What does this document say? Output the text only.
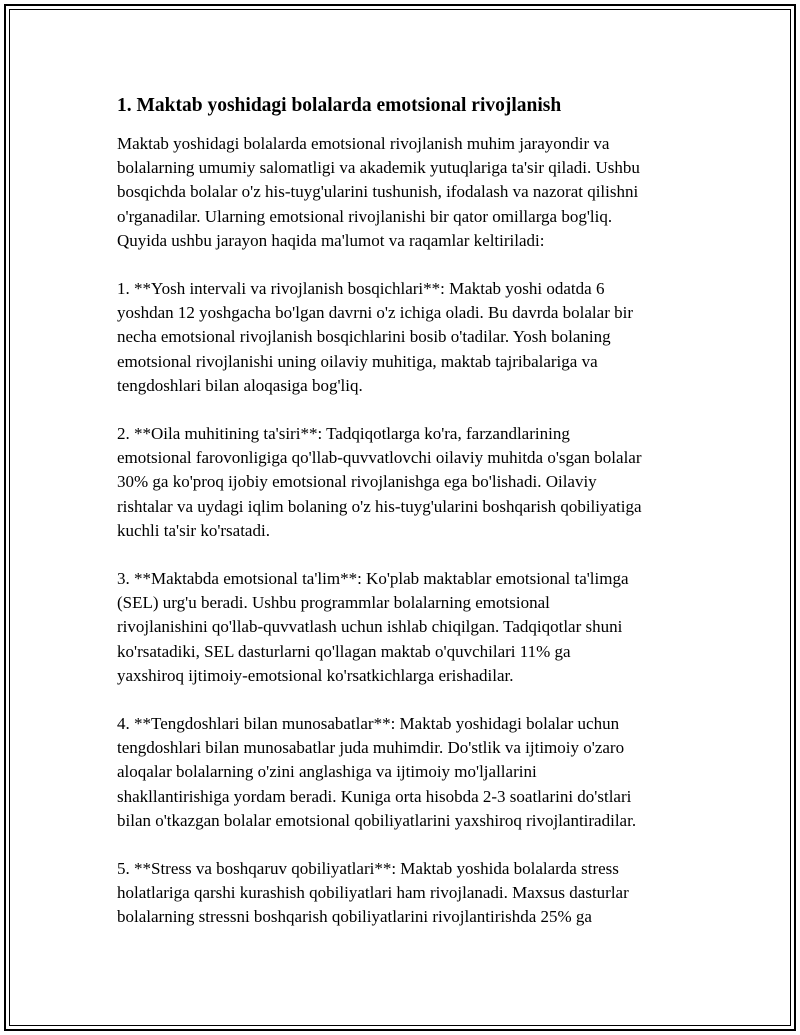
1. Maktab yoshidagi bolalarda emotsional rivojlanish
Maktab yoshidagi bolalarda emotsional rivojlanish muhim jarayondir va
bolalarning umumiy salomatligi va akademik yutuqlariga ta'sir qiladi. Ushbu
bosqichda bolalar o'z his-tuyg'ularini tushunish, ifodalash va nazorat qilishni
o'rganadilar. Ularning emotsional rivojlanishi bir qator omillarga bog'liq.
Quyida ushbu jarayon haqida ma'lumot va raqamlar keltiriladi:
1. **Yosh intervali va rivojlanish bosqichlari**: Maktab yoshi odatda 6
yoshdan 12 yoshgacha bo'lgan davrni o'z ichiga oladi. Bu davrda bolalar bir
necha emotsional rivojlanish bosqichlarini bosib o'tadilar. Yosh bolaning
emotsional rivojlanishi uning oilaviy muhitiga, maktab tajribalariga va
tengdoshlari bilan aloqasiga bog'liq.
2. **Oila muhitining ta'siri**: Tadqiqotlarga ko'ra, farzandlarining
emotsional farovonligiga qo'llab-quvvatlovchi oilaviy muhitda o'sgan bolalar
30% ga ko'proq ijobiy emotsional rivojlanishga ega bo'lishadi. Oilaviy
rishtalar va uydagi iqlim bolaning o'z his-tuyg'ularini boshqarish qobiliyatiga
kuchli ta'sir ko'rsatadi.
3. **Maktabda emotsional ta'lim**: Ko'plab maktablar emotsional ta'limga
(SEL) urg'u beradi. Ushbu programmlar bolalarning emotsional
rivojlanishini qo'llab-quvvatlash uchun ishlab chiqilgan. Tadqiqotlar shuni
ko'rsatadiki, SEL dasturlarni qo'llagan maktab o'quvchilari 11% ga
yaxshiroq ijtimoiy-emotsional ko'rsatkichlarga erishadilar.
4. **Tengdoshlari bilan munosabatlar**: Maktab yoshidagi bolalar uchun
tengdoshlari bilan munosabatlar juda muhimdir. Do'stlik va ijtimoiy o'zaro
aloqalar bolalarning o'zini anglashiga va ijtimoiy mo'ljallarini
shakllantirishiga yordam beradi. Kuniga orta hisobda 2-3 soatlarini do'stlari
bilan o'tkazgan bolalar emotsional qobiliyatlarini yaxshiroq rivojlantiradilar.
5. **Stress va boshqaruv qobiliyatlari**: Maktab yoshida bolalarda stress
holatlariga qarshi kurashish qobiliyatlari ham rivojlanadi. Maxsus dasturlar
bolalarning stressni boshqarish qobiliyatlarini rivojlantirishda 25% ga
